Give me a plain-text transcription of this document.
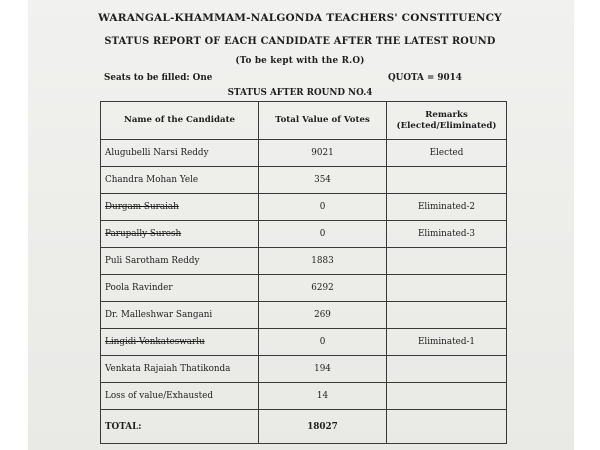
WARANGAL-KHAMMAM-NALGONDA TEACHERS' CONSTITUENCY
STATUS REPORT OF EACH CANDIDATE AFTER THE LATEST ROUND
(To be kept with the R.O)
Seats to be filled: One	QUOTA = 9014
STATUS AFTER ROUND NO.4
Name of the Candidate	Total Value of Votes	Remarks
(Elected/Eliminated)
Alugubelli Narsi Reddy	9021	Elected
Chandra Mohan Yele	354	
Durgam Suraiah	0	Eliminated-2
Parupally Suresh	0	Eliminated-3
Puli Sarotham Reddy	1883	
Poola Ravinder	6292	
Dr. Malleshwar Sangani	269	
Lingidi Venkateswarlu	0	Eliminated-1
Venkata Rajaiah Thatikonda	194	
Loss of value/Exhausted	14	
TOTAL:	18027	
